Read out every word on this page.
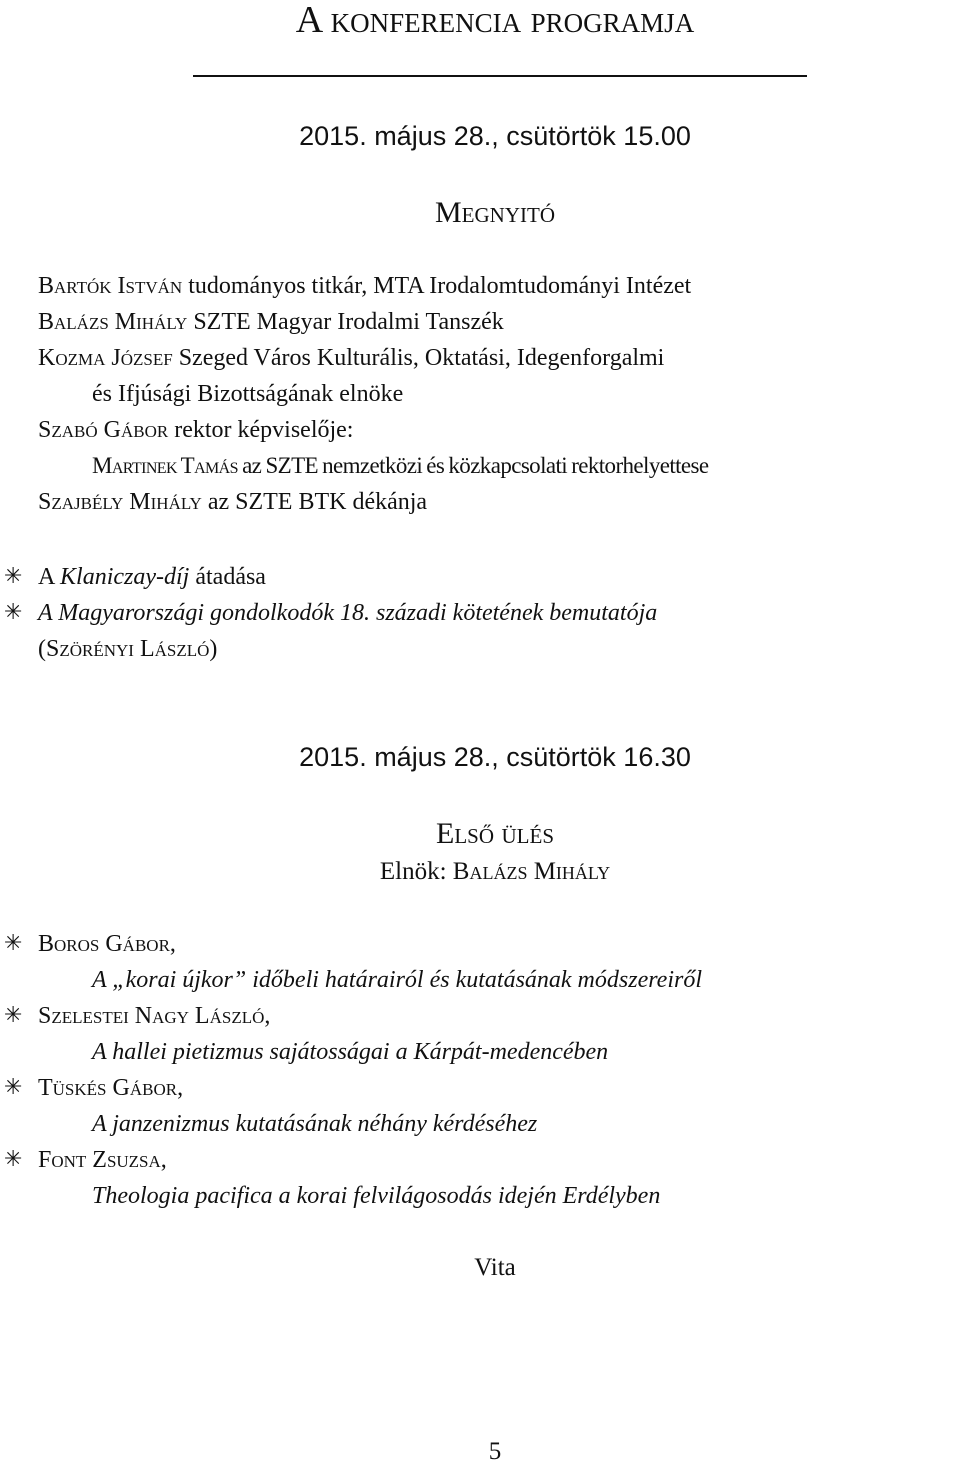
A konferencia programja
2015. május 28., csütörtök 15.00
Megnyitó
Bartók István tudományos titkár, MTA Irodalomtudományi Intézet
Balázs Mihály SZTE Magyar Irodalmi Tanszék
Kozma József Szeged Város Kulturális, Oktatási, Idegenforgalmi
és Ifjúsági Bizottságának elnöke
Szabó Gábor rektor képviselője:
Martinek Tamás az SZTE nemzetközi és közkapcsolati rektorhelyettese
Szajbély Mihály az SZTE BTK dékánja
✳ A Klaniczay-díj átadása
✳ A Magyarországi gondolkodók 18. századi kötetének bemutatója
(Szörényi László)
2015. május 28., csütörtök 16.30
Első ülés
Elnök: Balázs Mihály
✳ Boros Gábor,
A „korai újkor” időbeli határairól és kutatásának módszereiről
✳ Szelestei Nagy László,
A hallei pietizmus sajátosságai a Kárpát-medencében
✳ Tüskés Gábor,
A janzenizmus kutatásának néhány kérdéséhez
✳ Font Zsuzsa,
Theologia pacifica a korai felvilágosodás idején Erdélyben
Vita
5
